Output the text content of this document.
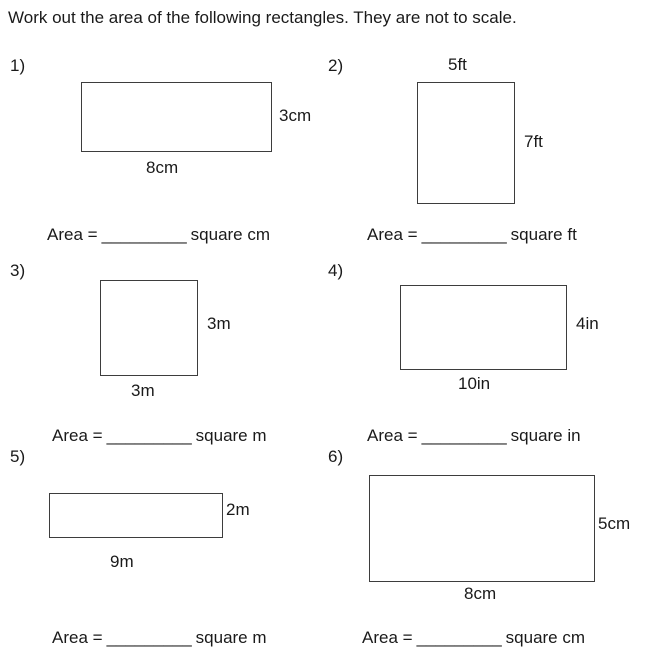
Work out the area of the following rectangles. They are not to scale.
1)
3cm
8cm
Area = _________ square cm
2)	5ft
7ft
Area = _________ square ft
3)
3m
3m
Area = _________ square m
4)
4in
10in
Area = _________ square in
5)
2m
9m
Area = _________ square m
6)
5cm
8cm
Area = _________ square cm
